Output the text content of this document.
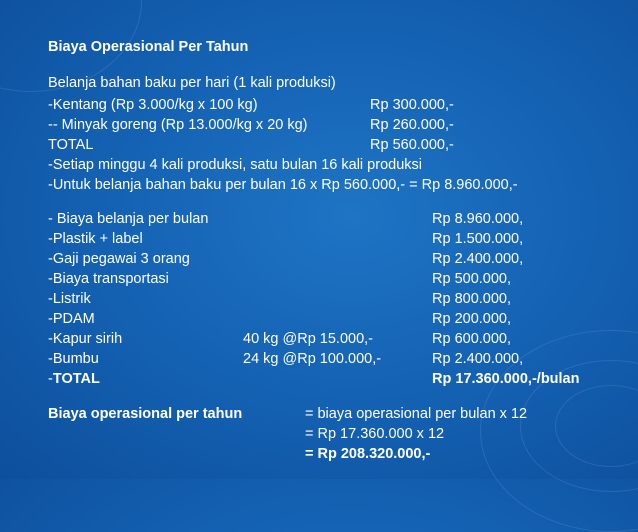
Biaya Operasional Per Tahun
Belanja bahan baku per hari (1 kali produksi)
-Kentang (Rp 3.000/kg x 100 kg)	Rp 300.000,-
-- Minyak goreng (Rp 13.000/kg x 20 kg)	Rp 260.000,-
TOTAL	Rp 560.000,-
-Setiap minggu 4 kali produksi, satu bulan 16 kali produksi
-Untuk belanja bahan baku per bulan 16 x Rp 560.000,- = Rp 8.960.000,-
- Biaya belanja per bulan	Rp 8.960.000,
-Plastik + label	Rp 1.500.000,
-Gaji pegawai 3 orang	Rp 2.400.000,
-Biaya transportasi	Rp 500.000,
-Listrik	Rp 800.000,
-PDAM	Rp 200.000,
-Kapur sirih	40 kg @Rp 15.000,-	Rp 600.000,
-Bumbu	24 kg @Rp 100.000,-	Rp 2.400.000,
-TOTAL	Rp 17.360.000,-/bulan
Biaya operasional per tahun	= biaya operasional per bulan x 12
= Rp 17.360.000 x 12
= Rp 208.320.000,-
